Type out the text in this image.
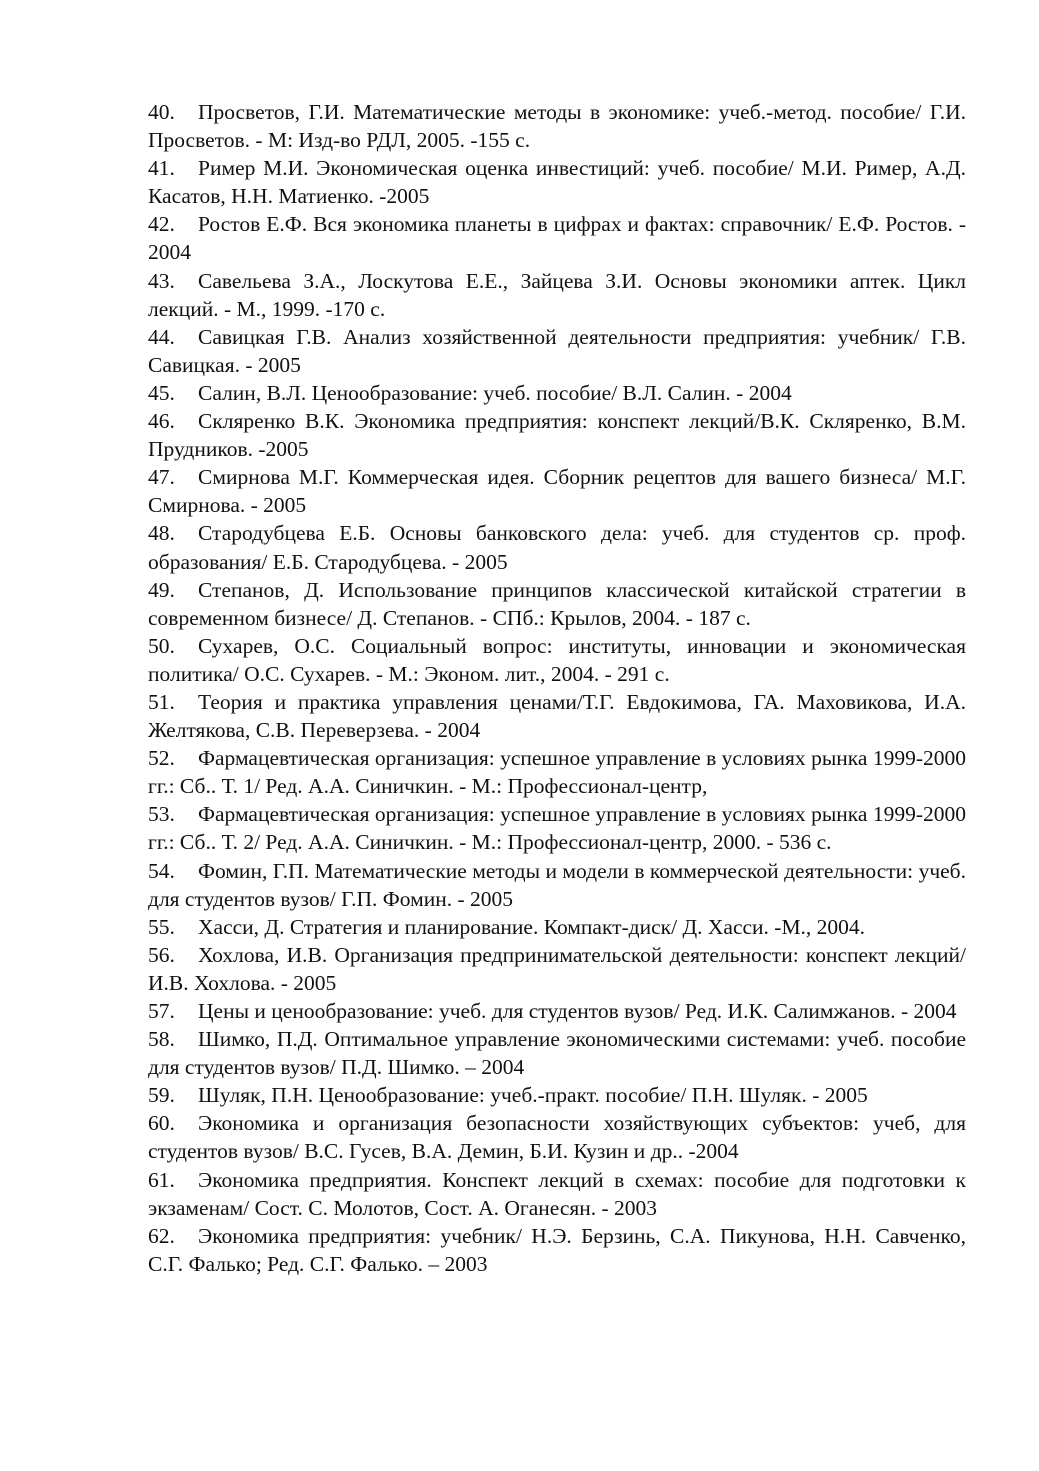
40. Просветов, Г.И. Математические методы в экономике: учеб.-метод. пособие/ Г.И. Просветов. - М: Изд-во РДЛ, 2005. -155 с.

41. Ример М.И. Экономическая оценка инвестиций: учеб. пособие/ М.И. Ример, А.Д. Касатов, Н.Н. Матиенко. -2005

42. Ростов Е.Ф. Вся экономика планеты в цифрах и фактах: справочник/ Е.Ф. Ростов. - 2004

43. Савельева З.А., Лоскутова Е.Е., Зайцева З.И. Основы экономики аптек. Цикл лекций. - М., 1999. -170 с.

44. Савицкая Г.В. Анализ хозяйственной деятельности предприятия: учебник/ Г.В. Савицкая. - 2005

45. Салин, В.Л. Ценообразование: учеб. пособие/ В.Л. Салин. - 2004

46. Скляренко В.К. Экономика предприятия: конспект лекций/В.К. Скляренко, В.М. Прудников. -2005

47. Смирнова М.Г. Коммерческая идея. Сборник рецептов для вашего бизнеса/ М.Г. Смирнова. - 2005

48. Стародубцева Е.Б. Основы банковского дела: учеб. для студентов ср. проф. образования/ Е.Б. Стародубцева. - 2005

49. Степанов, Д. Использование принципов классической китайской стратегии в современном бизнесе/ Д. Степанов. - СПб.: Крылов, 2004. - 187 с.

50. Сухарев, О.С. Социальный вопрос: институты, инновации и экономическая политика/ О.С. Сухарев. - М.: Эконом. лит., 2004. - 291 с.

51. Теория и практика управления ценами/Т.Г. Евдокимова, ГА. Маховикова, И.А. Желтякова, С.В. Переверзева. - 2004

52. Фармацевтическая организация: успешное управление в условиях рынка 1999-2000 гг.: Сб.. Т. 1/ Ред. А.А. Синичкин. - М.: Профессионал-центр,

53. Фармацевтическая организация: успешное управление в условиях рынка 1999-2000 гг.: Сб.. Т. 2/ Ред. А.А. Синичкин. - М.: Профессионал-центр, 2000. - 536 с.

54. Фомин, Г.П. Математические методы и модели в коммерческой деятельности: учеб. для студентов вузов/ Г.П. Фомин. - 2005

55. Хасси, Д. Стратегия и планирование. Компакт-диск/ Д. Хасси. -М., 2004.

56. Хохлова, И.В. Организация предпринимательской деятельности: конспект лекций/ И.В. Хохлова. - 2005

57. Цены и ценообразование: учеб. для студентов вузов/ Ред. И.К. Салимжанов. - 2004

58. Шимко, П.Д. Оптимальное управление экономическими системами: учеб. пособие для студентов вузов/ П.Д. Шимко. – 2004

59. Шуляк, П.Н. Ценообразование: учеб.-практ. пособие/ П.Н. Шуляк. - 2005

60. Экономика и организация безопасности хозяйствующих субъектов: учеб, для студентов вузов/ В.С. Гусев, В.А. Демин, Б.И. Кузин и др.. -2004

61. Экономика предприятия. Конспект лекций в схемах: пособие для подготовки к экзаменам/ Сост. С. Молотов, Сост. А. Оганесян. - 2003

62. Экономика предприятия: учебник/ Н.Э. Берзинь, С.А. Пикунова, Н.Н. Савченко, С.Г. Фалько; Ред. С.Г. Фалько. – 2003
